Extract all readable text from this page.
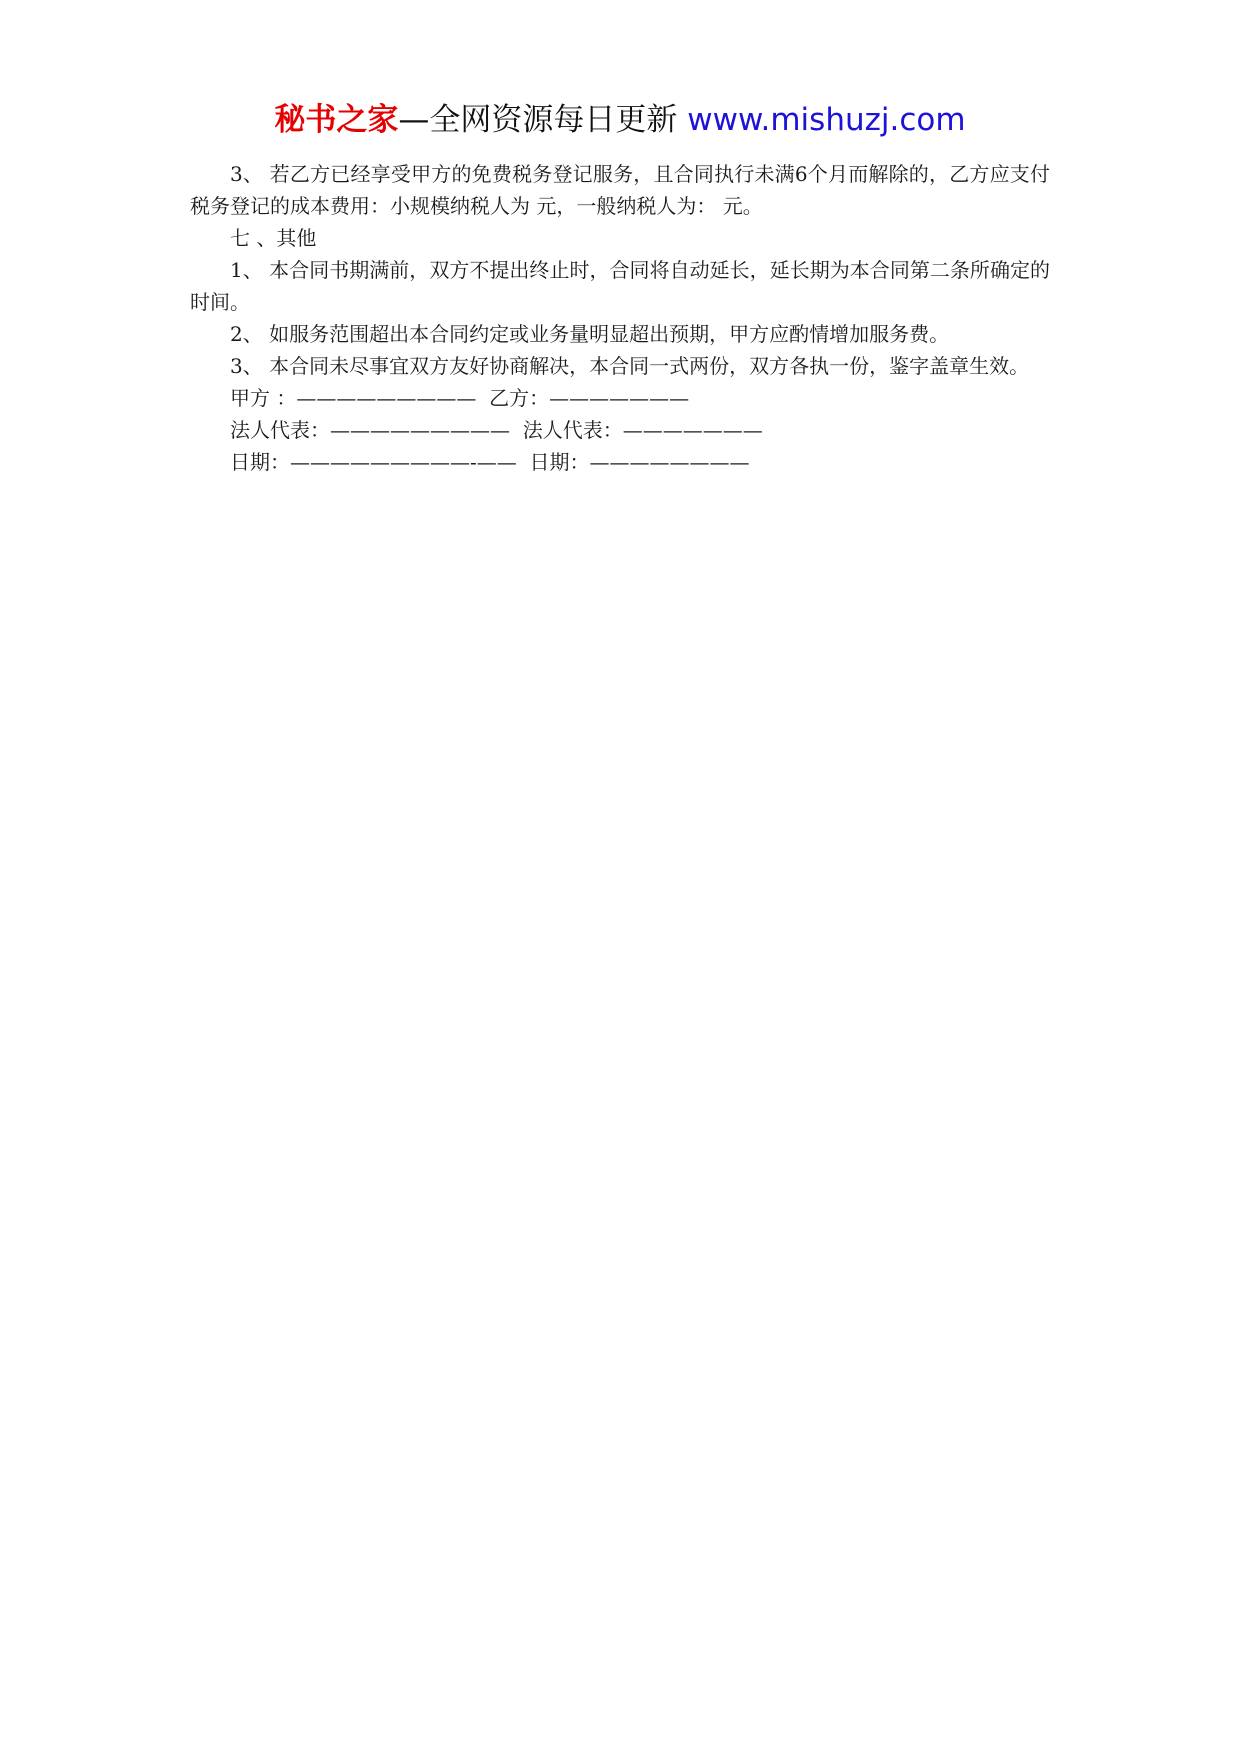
秘书之家—全网资源每日更新 www.mishuzj.com

3、 若乙方已经享受甲方的免费税务登记服务，且合同执行未满6个月而解除的，乙方应支付税务登记的成本费用：小规模纳税人为 元，一般纳税人为： 元。

七 、其他

1、 本合同书期满前，双方不提出终止时，合同将自动延长，延长期为本合同第二条所确定的时间。

2、 如服务范围超出本合同约定或业务量明显超出预期，甲方应酌情增加服务费。

3、 本合同未尽事宜双方友好协商解决，本合同一式两份，双方各执一份，鉴字盖章生效。

甲方 ：—————————  乙方：———————

法人代表：—————————  法人代表：———————

日期：—————————-——  日期：————————
